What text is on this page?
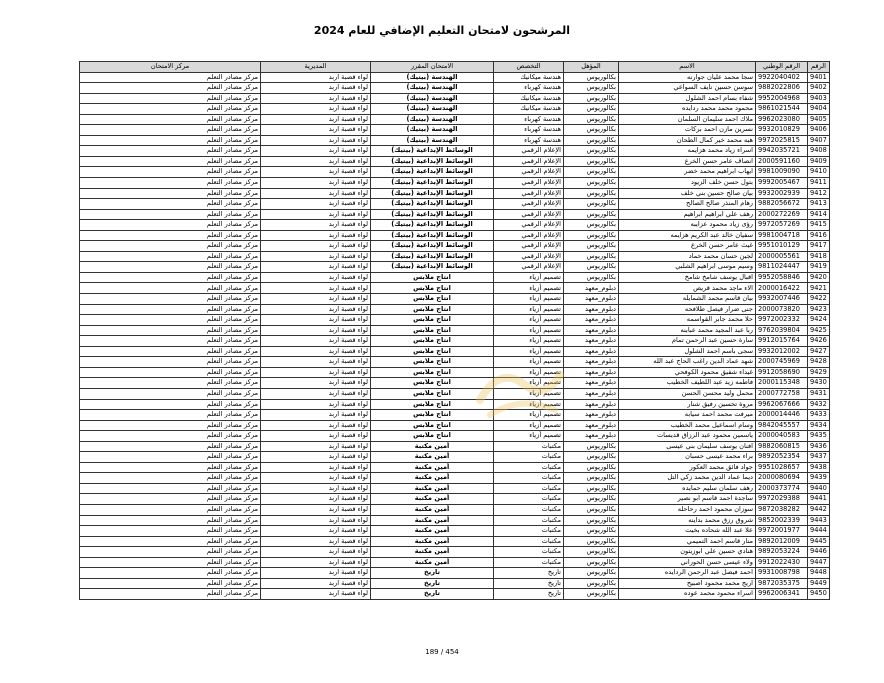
المرشحون لامتحان التعليم الإضافي للعام 2024
الرقم	الرقم الوطني	الاسم	المؤهل	التخصص	الامتحان المقرر	المديرية	مركز الامتحان
9401	9922040402	سجا محمد علیان جوارنه	بكالوريوس	هندسة ميكانيك	الهندسة (بيتيك)	لواء قصبة اربد	مركز مصادر التعلم
9402	9882022806	سوسن حسين نايف السواعي	بكالوريوس	هندسة كهرباء	الهندسة (بيتيك)	لواء قصبة اربد	مركز مصادر التعلم
9403	9952004968	شفاء بسام احمد الشلول	بكالوريوس	هندسة ميكانيك	الهندسة (بيتيك)	لواء قصبة اربد	مركز مصادر التعلم
9404	9861021544	محمود محمد محمد ردايده	بكالوريوس	هندسة ميكانيك	الهندسة (بيتيك)	لواء قصبة اربد	مركز مصادر التعلم
9405	9962023080	ملاك احمد سليمان السلمان	بكالوريوس	هندسة كهرباء	الهندسة (بيتيك)	لواء قصبة اربد	مركز مصادر التعلم
9406	9932010829	نسرين مازن احمد بركات	بكالوريوس	هندسة كهرباء	الهندسة (بيتيك)	لواء قصبة اربد	مركز مصادر التعلم
9407	9972025815	هبه محمد خير كمال الطحان	بكالوريوس	هندسة كهرباء	الهندسة (بيتيك)	لواء قصبة اربد	مركز مصادر التعلم
9408	9942035721	اسراء زياد محمد هزايمه	بكالوريوس	الإعلام الرقمي	الوسائط الإبداعية (بيتيك)	لواء قصبة اربد	مركز مصادر التعلم
9409	2000591160	انصاف عامر حسن الخرع	بكالوريوس	الإعلام الرقمي	الوسائط الإبداعية (بيتيك)	لواء قصبة اربد	مركز مصادر التعلم
9410	9981009090	ايهاب ابراهيم محمد خضر	بكالوريوس	الإعلام الرقمي	الوسائط الإبداعية (بيتيك)	لواء قصبة اربد	مركز مصادر التعلم
9411	9992005467	بتول حسن خلف الزيود	بكالوريوس	الإعلام الرقمي	الوسائط الإبداعية (بيتيك)	لواء قصبة اربد	مركز مصادر التعلم
9412	9932002939	بيان صالح حسين بني خلف	بكالوريوس	الإعلام الرقمي	الوسائط الإبداعية (بيتيك)	لواء قصبة اربد	مركز مصادر التعلم
9413	9882056672	رهام المنذر صالح الصالح	بكالوريوس	الإعلام الرقمي	الوسائط الإبداعية (بيتيك)	لواء قصبة اربد	مركز مصادر التعلم
9414	2000272269	رهف علي ابراهيم ابراهيم	بكالوريوس	الإعلام الرقمي	الوسائط الإبداعية (بيتيك)	لواء قصبة اربد	مركز مصادر التعلم
9415	9972057269	رؤى زياد محمود عزايبه	بكالوريوس	الإعلام الرقمي	الوسائط الإبداعية (بيتيك)	لواء قصبة اربد	مركز مصادر التعلم
9416	9981004718	سفيان خالد عبد الكريم هزايمه	بكالوريوس	الإعلام الرقمي	الوسائط الإبداعية (بيتيك)	لواء قصبة اربد	مركز مصادر التعلم
9417	9951010129	غيث عامر حسن الخرع	بكالوريوس	الإعلام الرقمي	الوسائط الإبداعية (بيتيك)	لواء قصبة اربد	مركز مصادر التعلم
9418	2000005561	لجين حسان محمد حماد	بكالوريوس	الإعلام الرقمي	الوسائط الإبداعية (بيتيك)	لواء قصبة اربد	مركز مصادر التعلم
9419	9811024447	وسيم موسى ابراهيم الشلبي	بكالوريوس	الإعلام الرقمي	الوسائط الإبداعية (بيتيك)	لواء قصبة اربد	مركز مصادر التعلم
9420	9952058846	اقبال يوسف شامخ شامخ	بكالوريوس	تصميم أزياء	انتاج ملابس	لواء قصبة اربد	مركز مصادر التعلم
9421	2000016422	الاء ماجد محمد قريص	دبلوم_معهد	تصميم أزياء	انتاج ملابس	لواء قصبة اربد	مركز مصادر التعلم
9422	9932007446	بيان قاسم محمد الشمايله	دبلوم_معهد	تصميم أزياء	انتاج ملابس	لواء قصبة اربد	مركز مصادر التعلم
9423	2000073820	جنى ضرار فيصل طلافحه	دبلوم_معهد	تصميم أزياء	انتاج ملابس	لواء قصبة اربد	مركز مصادر التعلم
9424	9972002332	حلا محمد جابر القواسمه	دبلوم_معهد	تصميم أزياء	انتاج ملابس	لواء قصبة اربد	مركز مصادر التعلم
9425	9762039804	ربا عبد المجيد محمد عبابنه	دبلوم_معهد	تصميم أزياء	انتاج ملابس	لواء قصبة اربد	مركز مصادر التعلم
9426	9912015764	سارة حسين عبد الرحمن تمام	دبلوم_معهد	تصميم أزياء	انتاج ملابس	لواء قصبة اربد	مركز مصادر التعلم
9427	9932012002	سجى باسم احمد الشلول	دبلوم_معهد	تصميم أزياء	انتاج ملابس	لواء قصبة اربد	مركز مصادر التعلم
9428	2000745969	شهد عماد الدين راغب الحاج عبد الله	دبلوم_معهد	تصميم أزياء	انتاج ملابس	لواء قصبة اربد	مركز مصادر التعلم
9429	9912058690	غيداء شفيق محمود الكوفحي	دبلوم_معهد	تصميم أزياء	انتاج ملابس	لواء قصبة اربد	مركز مصادر التعلم
9430	2000115348	فاطمه زيد عبد اللطيف الخطيب	دبلوم_معهد	تصميم أزياء	انتاج ملابس	لواء قصبة اربد	مركز مصادر التعلم
9431	2000772758	محمل وليد محسن الحسن	دبلوم_معهد	تصميم أزياء	انتاج ملابس	لواء قصبة اربد	مركز مصادر التعلم
9432	9962067666	مروة تحسين رفيق شنار	دبلوم_معهد	تصميم أزياء	انتاج ملابس	لواء قصبة اربد	مركز مصادر التعلم
9433	2000014446	ميرفت محمد احمد سيابه	دبلوم_معهد	تصميم أزياء	انتاج ملابس	لواء قصبة اربد	مركز مصادر التعلم
9434	9842045557	وسام اسماعيل محمد الخطيب	دبلوم_معهد	تصميم أزياء	انتاج ملابس	لواء قصبة اربد	مركز مصادر التعلم
9435	2000040583	ياسمين محمود عبد الرزاق قديسات	دبلوم_معهد	تصميم أزياء	انتاج ملابس	لواء قصبة اربد	مركز مصادر التعلم
9436	9882060815	افنان يوسف سليمان بني عيسى	بكالوريوس	مكتبات	أمين مكتبة	لواء قصبة اربد	مركز مصادر التعلم
9437	9892052354	براء محمد عيسى حسبان	بكالوريوس	مكتبات	أمين مكتبة	لواء قصبة اربد	مركز مصادر التعلم
9438	9951028657	جواد فائق محمد العكور	بكالوريوس	مكتبات	أمين مكتبة	لواء قصبة اربد	مركز مصادر التعلم
9439	2000080694	ديما عماد الدين محمد زكي التل	بكالوريوس	مكتبات	أمين مكتبة	لواء قصبة اربد	مركز مصادر التعلم
9440	2000373774	رهف سلمان سليم حمايده	بكالوريوس	مكتبات	أمين مكتبة	لواء قصبة اربد	مركز مصادر التعلم
9441	9972029388	ساجدة احمد قاسم ابو نصير	بكالوريوس	مكتبات	أمين مكتبة	لواء قصبة اربد	مركز مصادر التعلم
9442	9872038282	سوزان محمود احمد رحاحله	بكالوريوس	مكتبات	أمين مكتبة	لواء قصبة اربد	مركز مصادر التعلم
9443	9852002339	شروق رزق محمد بداينه	بكالوريوس	مكتبات	أمين مكتبة	لواء قصبة اربد	مركز مصادر التعلم
9444	9972001977	علا عبد الله شحاده بخيت	بكالوريوس	مكتبات	أمين مكتبة	لواء قصبة اربد	مركز مصادر التعلم
9445	9892012009	منار قاسم احمد التميمي	بكالوريوس	مكتبات	أمين مكتبة	لواء قصبة اربد	مركز مصادر التعلم
9446	9892053224	هنادي حسين علي ابوزيتون	بكالوريوس	مكتبات	أمين مكتبة	لواء قصبة اربد	مركز مصادر التعلم
9447	9912022430	ولاء عيسى حسن الحوراني	بكالوريوس	مكتبات	أمين مكتبة	لواء قصبة اربد	مركز مصادر التعلم
9448	9931008798	احمد فيصل عبد الرحمن الردايده	بكالوريوس	تاريخ	تاريخ	لواء قصبة اربد	مركز مصادر التعلم
9449	9872035375	اريج محمد محمود اصبيح	بكالوريوس	تاريخ	تاريخ	لواء قصبة اربد	مركز مصادر التعلم
9450	9962006341	اسراء محمود محمد عوده	بكالوريوس	تاريخ	تاريخ	لواء قصبة اربد	مركز مصادر التعلم
189 / 454
